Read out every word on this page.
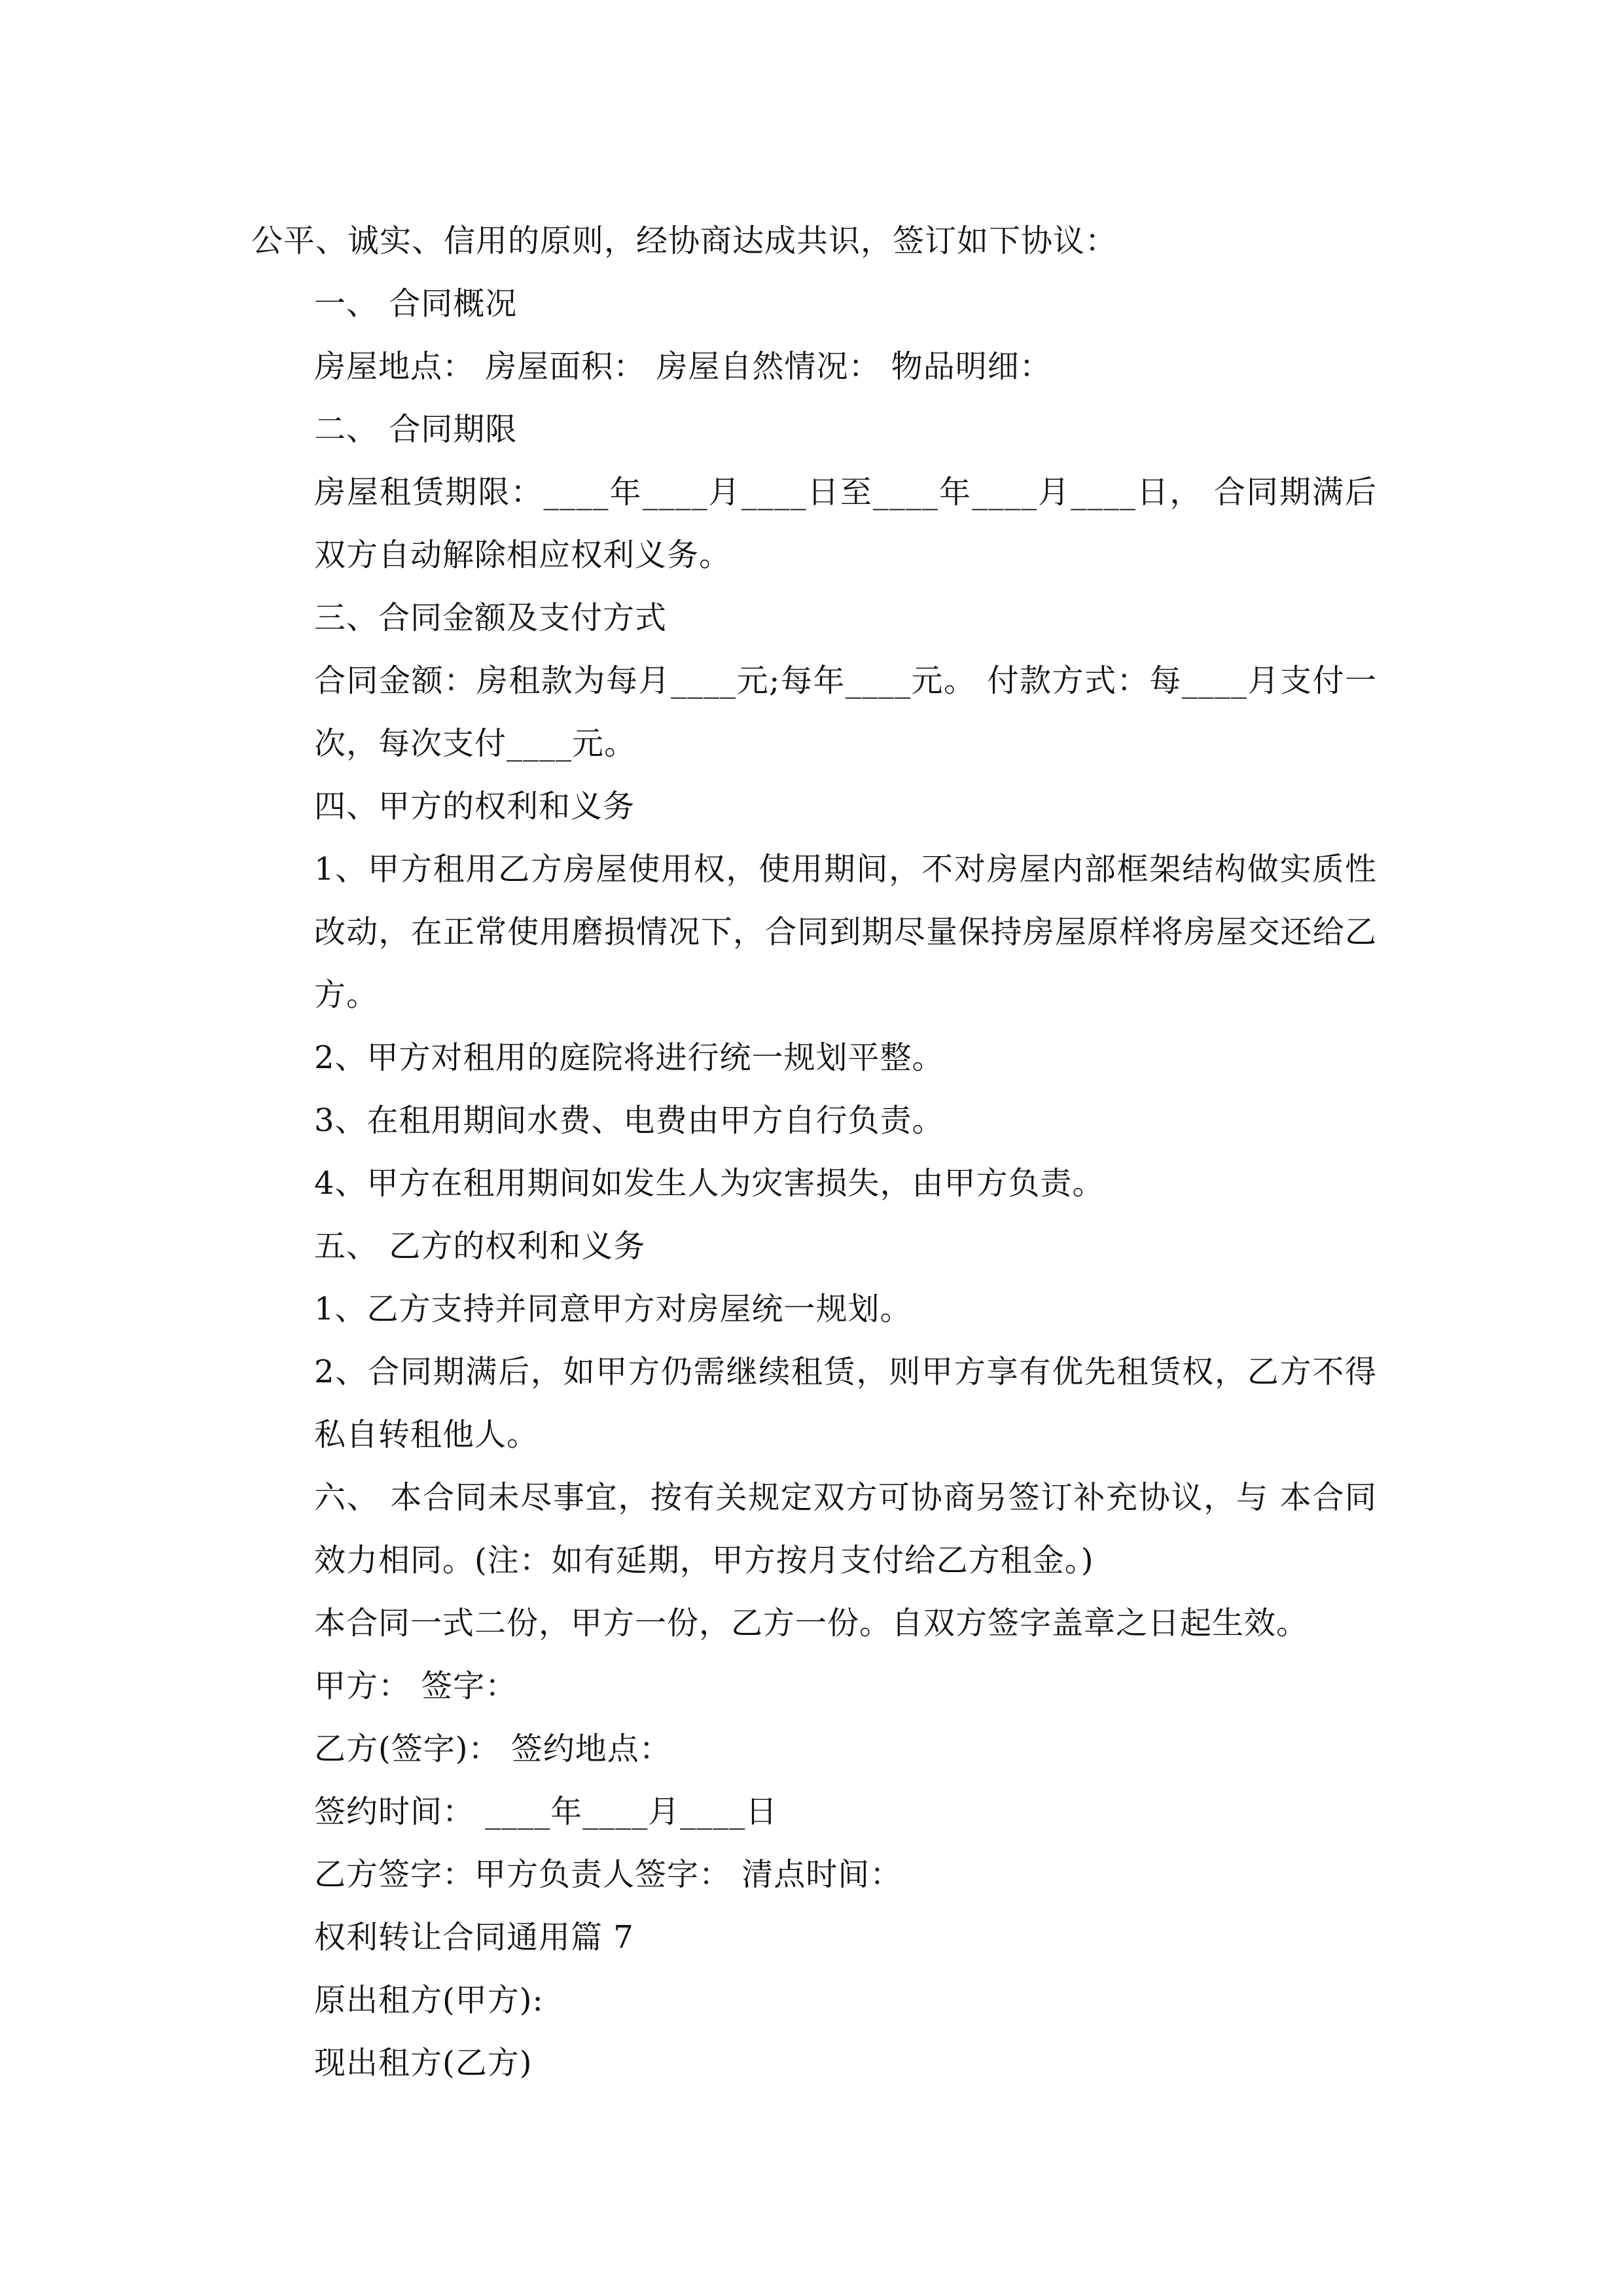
公平、诚实、信用的原则，经协商达成共识，签订如下协议：

一、 合同概况

房屋地点： 房屋面积： 房屋自然情况： 物品明细：

二、 合同期限

房屋租赁期限：____年____月____日至____年____月____日， 合同期满后双方自动解除相应权利义务。

三、合同金额及支付方式

合同金额：房租款为每月____元;每年____元。 付款方式：每____月支付一次，每次支付____元。

四、甲方的权利和义务

1、甲方租用乙方房屋使用权，使用期间，不对房屋内部框架结构做实质性改动，在正常使用磨损情况下，合同到期尽量保持房屋原样将房屋交还给乙方。

2、甲方对租用的庭院将进行统一规划平整。

3、在租用期间水费、电费由甲方自行负责。

4、甲方在租用期间如发生人为灾害损失，由甲方负责。

五、 乙方的权利和义务

1、乙方支持并同意甲方对房屋统一规划。

2、合同期满后，如甲方仍需继续租赁，则甲方享有优先租赁权，乙方不得私自转租他人。

六、 本合同未尽事宜，按有关规定双方可协商另签订补充协议，与 本合同效力相同。(注：如有延期，甲方按月支付给乙方租金。)

本合同一式二份，甲方一份，乙方一份。自双方签字盖章之日起生效。

甲方： 签字：

乙方(签字)： 签约地点：

签约时间： ____年____月____日

乙方签字：甲方负责人签字： 清点时间：

权利转让合同通用篇 7

原出租方(甲方):

现出租方(乙方)
